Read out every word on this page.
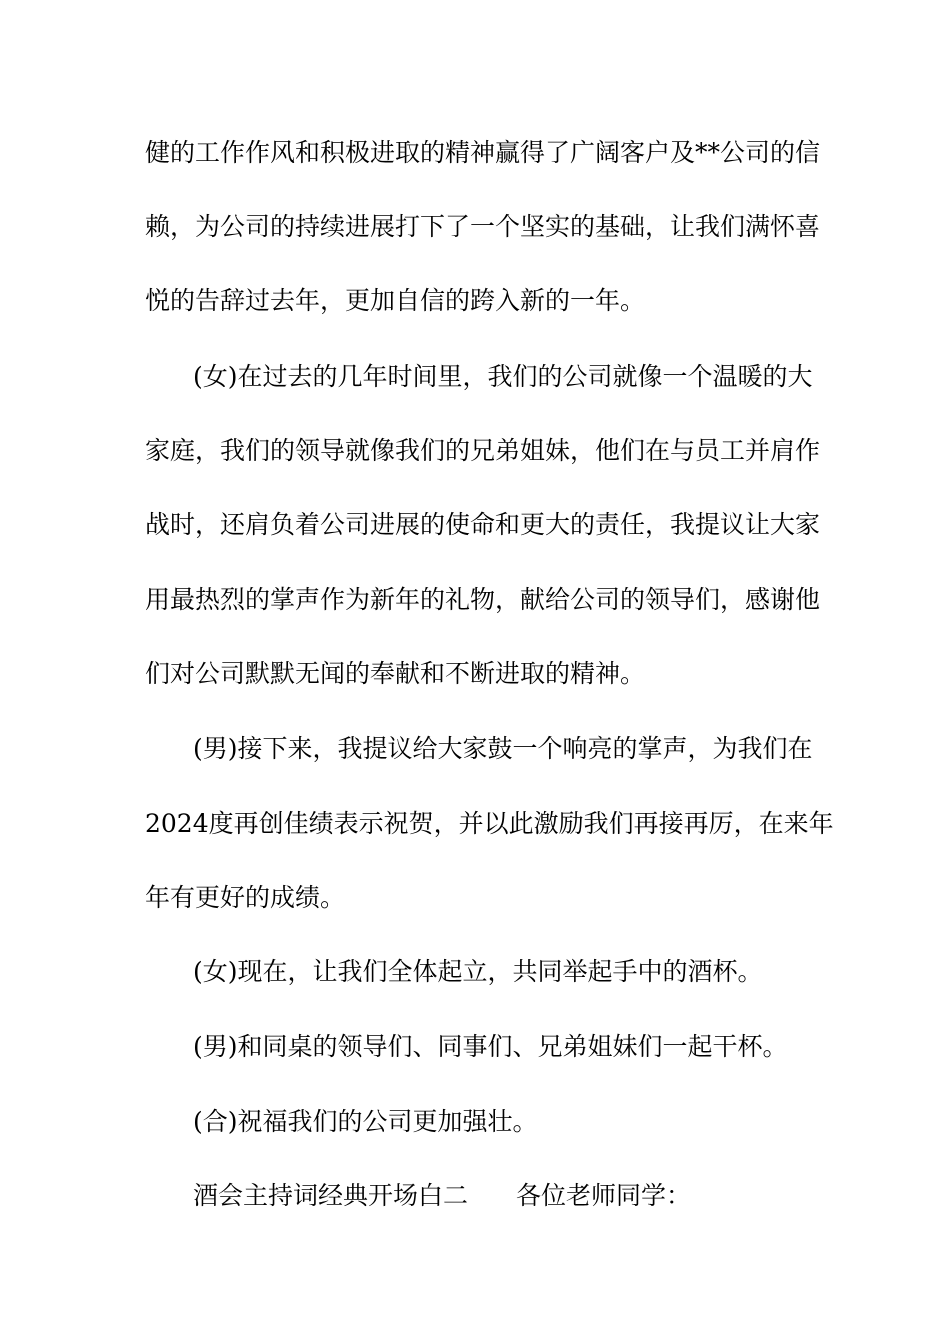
健的工作作风和积极进取的精神赢得了广阔客户及**公司的信
赖，为公司的持续进展打下了一个坚实的基础，让我们满怀喜
悦的告辞过去年，更加自信的跨入新的一年。
(女)在过去的几年时间里，我们的公司就像一个温暖的大
家庭，我们的领导就像我们的兄弟姐妹，他们在与员工并肩作
战时，还肩负着公司进展的使命和更大的责任，我提议让大家
用最热烈的掌声作为新年的礼物，献给公司的领导们，感谢他
们对公司默默无闻的奉献和不断进取的精神。
(男)接下来，我提议给大家鼓一个响亮的掌声，为我们在
2024度再创佳绩表示祝贺，并以此激励我们再接再厉，在来年
年有更好的成绩。
(女)现在，让我们全体起立，共同举起手中的酒杯。
(男)和同桌的领导们、同事们、兄弟姐妹们一起干杯。
(合)祝福我们的公司更加强壮。
酒会主持词经典开场白二 各位老师同学：
